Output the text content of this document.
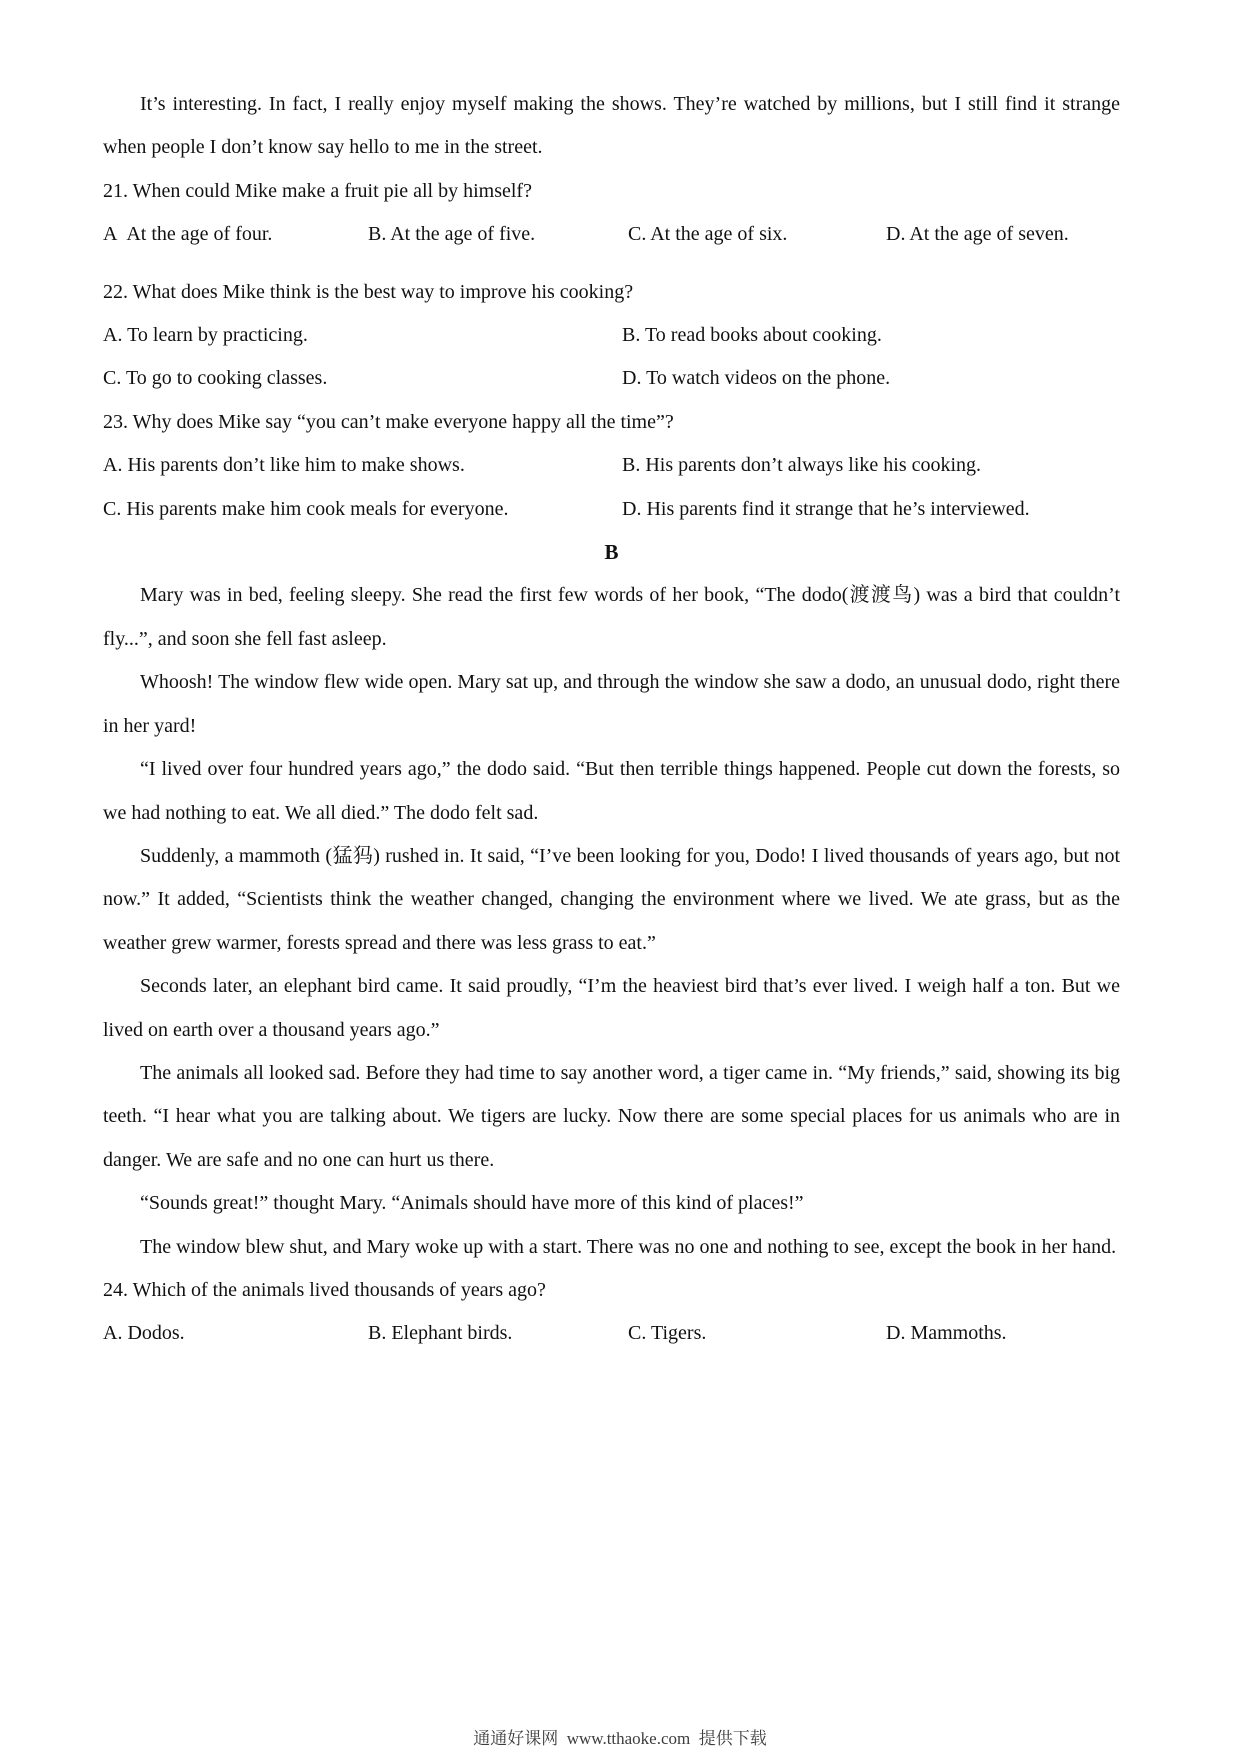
It’s interesting. In fact, I really enjoy myself making the shows. They’re watched by millions, but I still find it strange when people I don’t know say hello to me in the street.

21. When could Mike make a fruit pie all by himself?

A  At the age of four.	B. At the age of five.	C. At the age of six.	D. At the age of seven.

22. What does Mike think is the best way to improve his cooking?

A. To learn by practicing.	B. To read books about cooking.
C. To go to cooking classes.	D. To watch videos on the phone.

23. Why does Mike say “you can’t make everyone happy all the time”?

A. His parents don’t like him to make shows.	B. His parents don’t always like his cooking.
C. His parents make him cook meals for everyone.	D. His parents find it strange that he’s interviewed.

B

Mary was in bed, feeling sleepy. She read the first few words of her book, “The dodo(渡渡鸟) was a bird that couldn’t fly...”, and soon she fell fast asleep.

Whoosh! The window flew wide open. Mary sat up, and through the window she saw a dodo, an unusual dodo, right there in her yard!

“I lived over four hundred years ago,” the dodo said. “But then terrible things happened. People cut down the forests, so we had nothing to eat. We all died.” The dodo felt sad.

Suddenly, a mammoth (猛犸) rushed in. It said, “I’ve been looking for you, Dodo! I lived thousands of years ago, but not now.” It added, “Scientists think the weather changed, changing the environment where we lived. We ate grass, but as the weather grew warmer, forests spread and there was less grass to eat.”

Seconds later, an elephant bird came. It said proudly, “I’m the heaviest bird that’s ever lived. I weigh half a ton. But we lived on earth over a thousand years ago.”

The animals all looked sad. Before they had time to say another word, a tiger came in. “My friends,” said, showing its big teeth. “I hear what you are talking about. We tigers are lucky. Now there are some special places for us animals who are in danger. We are safe and no one can hurt us there.

“Sounds great!” thought Mary. “Animals should have more of this kind of places!”

The window blew shut, and Mary woke up with a start. There was no one and nothing to see, except the book in her hand.

24. Which of the animals lived thousands of years ago?

A. Dodos.	B. Elephant birds.	C. Tigers.	D. Mammoths.
通通好课网  www.tthaoke.com  提供下载
